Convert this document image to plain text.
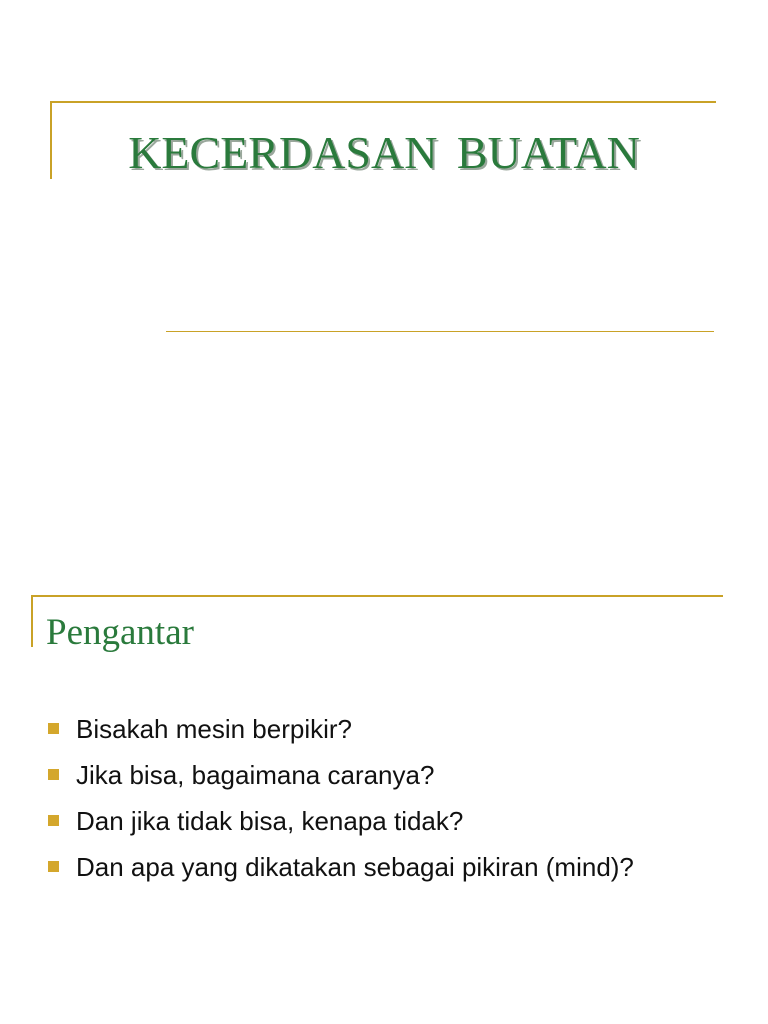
KECERDASAN BUATAN
Pengantar
Bisakah mesin berpikir?
Jika bisa, bagaimana caranya?
Dan jika tidak bisa, kenapa tidak?
Dan apa yang dikatakan sebagai pikiran (mind)?
